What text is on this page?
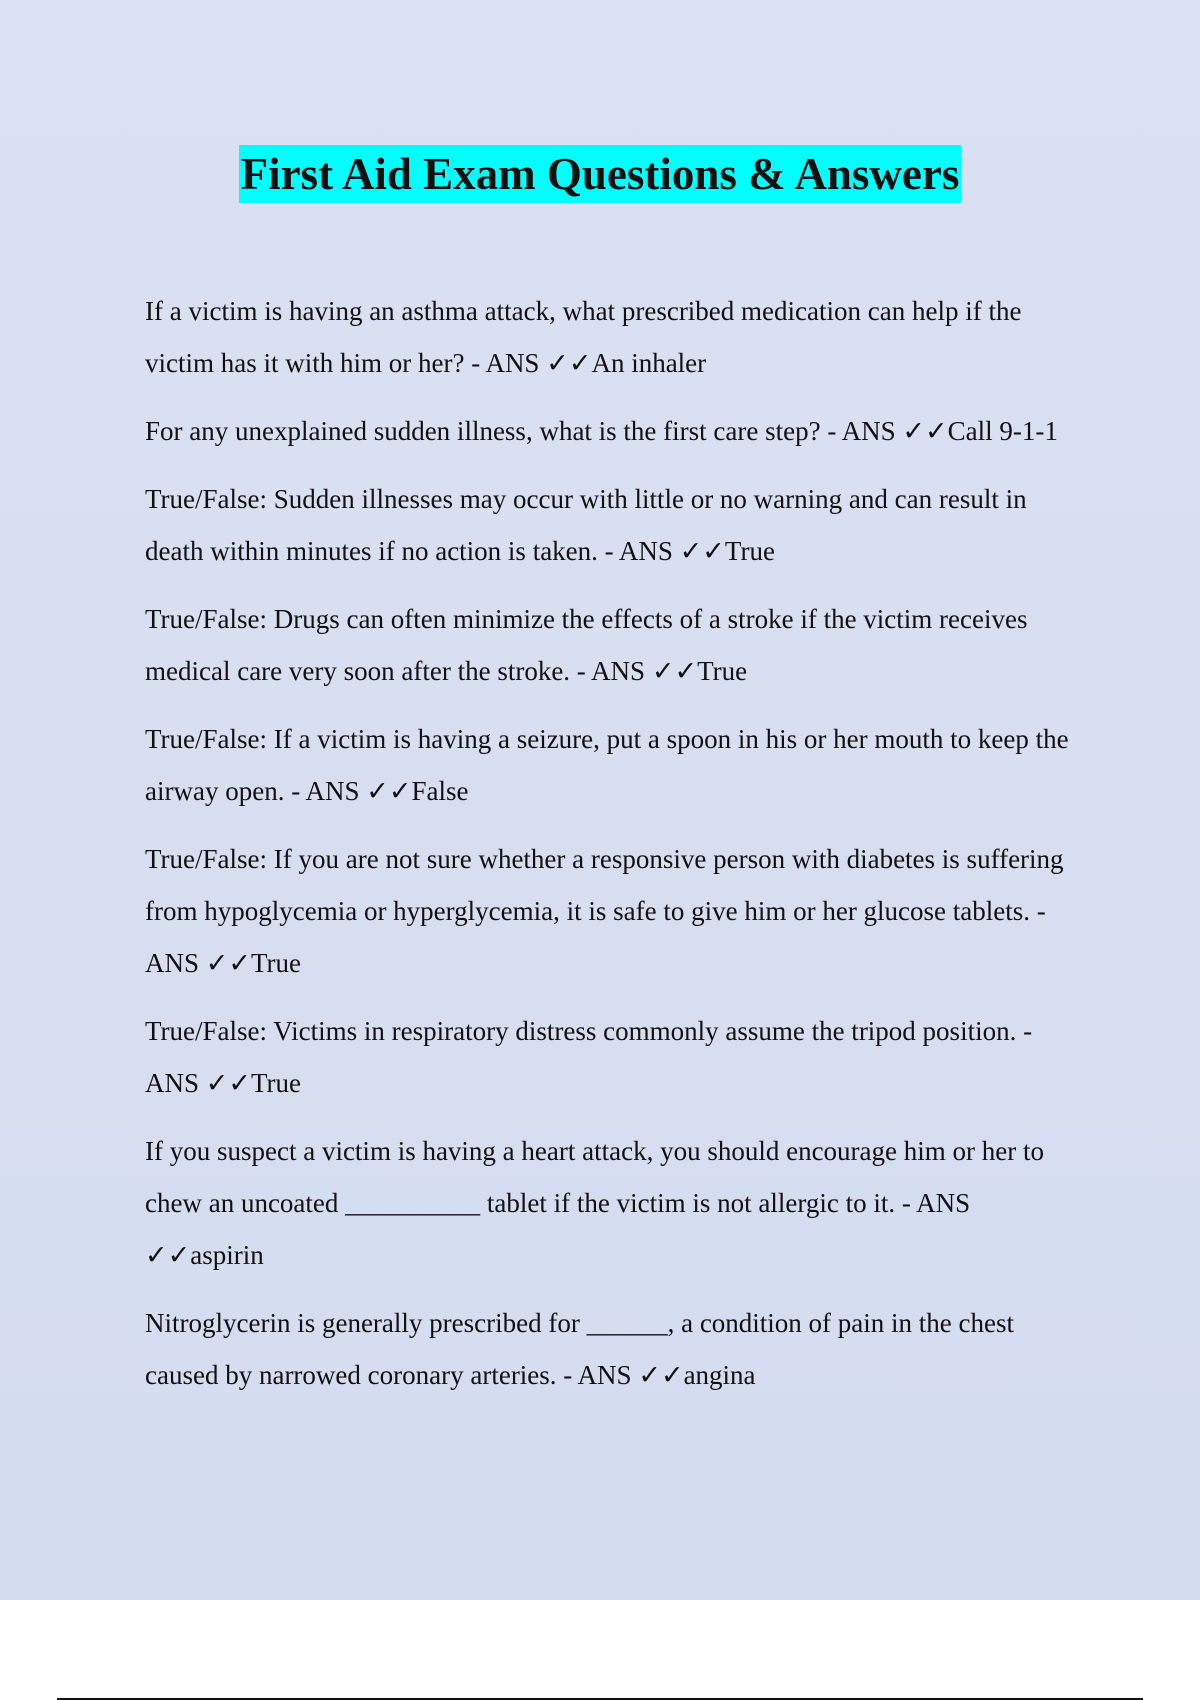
First Aid Exam Questions & Answers

If a victim is having an asthma attack, what prescribed medication can help if the victim has it with him or her? - ANS ✓✓An inhaler

For any unexplained sudden illness, what is the first care step? - ANS ✓✓Call 9-1-1

True/False: Sudden illnesses may occur with little or no warning and can result in death within minutes if no action is taken. - ANS ✓✓True

True/False: Drugs can often minimize the effects of a stroke if the victim receives medical care very soon after the stroke. - ANS ✓✓True

True/False: If a victim is having a seizure, put a spoon in his or her mouth to keep the airway open. - ANS ✓✓False

True/False: If you are not sure whether a responsive person with diabetes is suffering from hypoglycemia or hyperglycemia, it is safe to give him or her glucose tablets. - ANS ✓✓True

True/False: Victims in respiratory distress commonly assume the tripod position. - ANS ✓✓True

If you suspect a victim is having a heart attack, you should encourage him or her to chew an uncoated __________ tablet if the victim is not allergic to it. - ANS ✓✓aspirin

Nitroglycerin is generally prescribed for ______, a condition of pain in the chest caused by narrowed coronary arteries. - ANS ✓✓angina
